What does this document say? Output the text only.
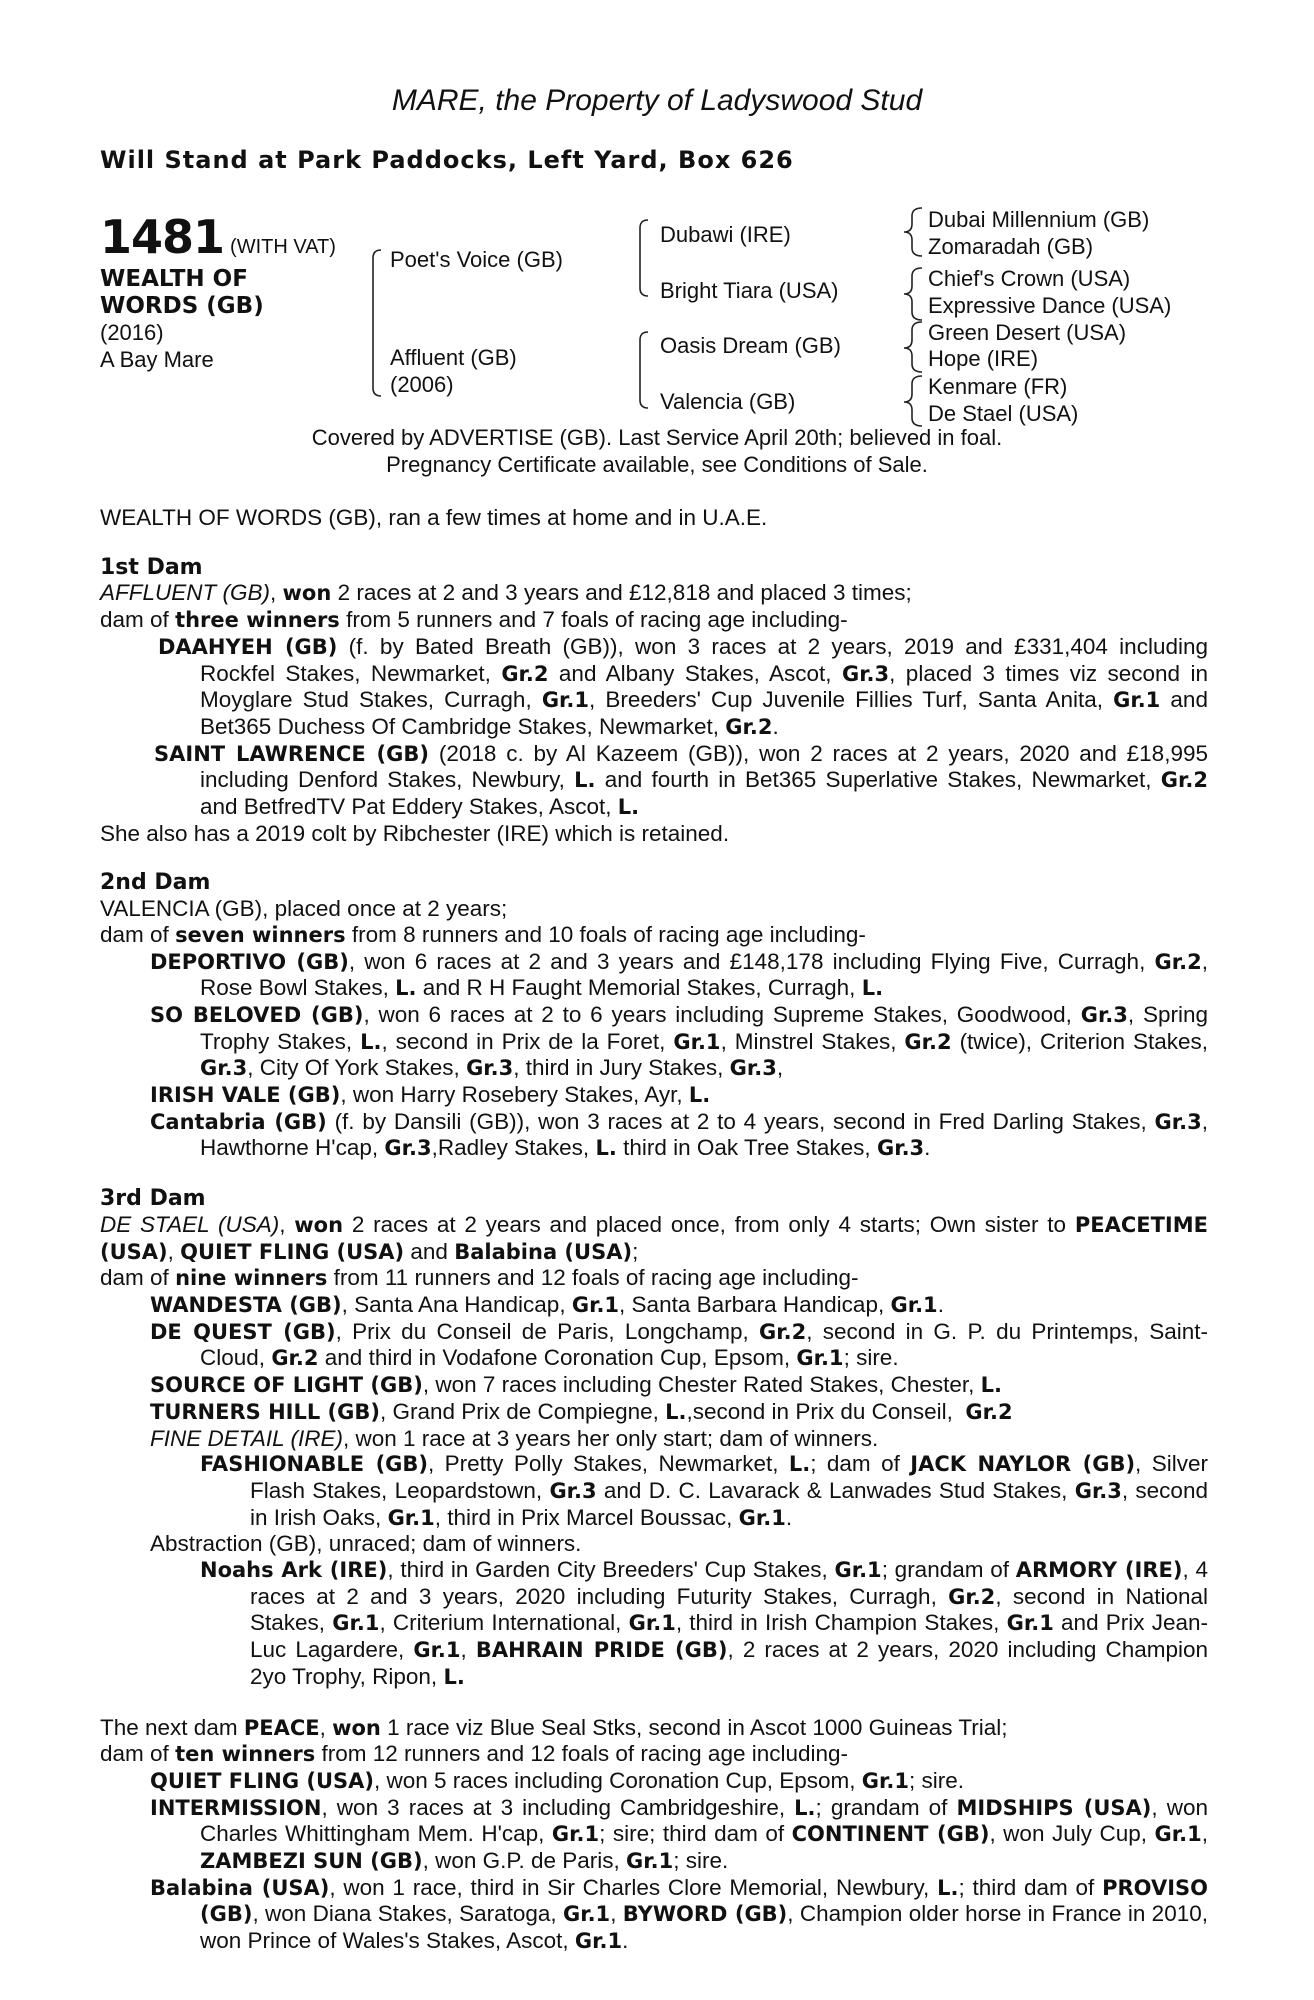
MARE, the Property of Ladyswood Stud
Will Stand at Park Paddocks, Left Yard, Box 626
1481 (WITH VAT)
WEALTH OF
WORDS (GB)
(2016)
A Bay Mare
Poet's Voice (GB)
Affluent (GB)
(2006)
Dubawi (IRE)
Bright Tiara (USA)
Oasis Dream (GB)
Valencia (GB)
Dubai Millennium (GB)
Zomaradah (GB)
Chief's Crown (USA)
Expressive Dance (USA)
Green Desert (USA)
Hope (IRE)
Kenmare (FR)
De Stael (USA)
Covered by ADVERTISE (GB). Last Service April 20th; believed in foal.
Pregnancy Certificate available, see Conditions of Sale.

WEALTH OF WORDS (GB), ran a few times at home and in U.A.E.

1st Dam

AFFLUENT (GB), won 2 races at 2 and 3 years and £12,818 and placed 3 times;

dam of three winners from 5 runners and 7 foals of racing age including-

DAAHYEH (GB) (f. by Bated Breath (GB)), won 3 races at 2 years, 2019 and £331,404 including Rockfel Stakes, Newmarket, Gr.2 and Albany Stakes, Ascot, Gr.3, placed 3 times viz second in Moyglare Stud Stakes, Curragh, Gr.1, Breeders' Cup Juvenile Fillies Turf, Santa Anita, Gr.1 and Bet365 Duchess Of Cambridge Stakes, Newmarket, Gr.2.

SAINT LAWRENCE (GB) (2018 c. by Al Kazeem (GB)), won 2 races at 2 years, 2020 and £18,995 including Denford Stakes, Newbury, L. and fourth in Bet365 Superlative Stakes, Newmarket, Gr.2 and BetfredTV Pat Eddery Stakes, Ascot, L.

She also has a 2019 colt by Ribchester (IRE) which is retained.

2nd Dam

VALENCIA (GB), placed once at 2 years;

dam of seven winners from 8 runners and 10 foals of racing age including-

DEPORTIVO (GB), won 6 races at 2 and 3 years and £148,178 including Flying Five, Curragh, Gr.2, Rose Bowl Stakes, L. and R H Faught Memorial Stakes, Curragh, L.

SO BELOVED (GB), won 6 races at 2 to 6 years including Supreme Stakes, Goodwood, Gr.3, Spring Trophy Stakes, L., second in Prix de la Foret, Gr.1, Minstrel Stakes, Gr.2 (twice), Criterion Stakes, Gr.3, City Of York Stakes, Gr.3, third in Jury Stakes, Gr.3,

IRISH VALE (GB), won Harry Rosebery Stakes, Ayr, L.

Cantabria (GB) (f. by Dansili (GB)), won 3 races at 2 to 4 years, second in Fred Darling Stakes, Gr.3, Hawthorne H'cap, Gr.3,Radley Stakes, L. third in Oak Tree Stakes, Gr.3.

3rd Dam

DE STAEL (USA), won 2 races at 2 years and placed once, from only 4 starts; Own sister to PEACETIME (USA), QUIET FLING (USA) and Balabina (USA);

dam of nine winners from 11 runners and 12 foals of racing age including-

WANDESTA (GB), Santa Ana Handicap, Gr.1, Santa Barbara Handicap, Gr.1.

DE QUEST (GB), Prix du Conseil de Paris, Longchamp, Gr.2, second in G. P. du Printemps, Saint-Cloud, Gr.2 and third in Vodafone Coronation Cup, Epsom, Gr.1; sire.

SOURCE OF LIGHT (GB), won 7 races including Chester Rated Stakes, Chester, L.

TURNERS HILL (GB), Grand Prix de Compiegne, L.,second in Prix du Conseil, Gr.2

FINE DETAIL (IRE), won 1 race at 3 years her only start; dam of winners.

FASHIONABLE (GB), Pretty Polly Stakes, Newmarket, L.; dam of JACK NAYLOR (GB), Silver Flash Stakes, Leopardstown, Gr.3 and D. C. Lavarack & Lanwades Stud Stakes, Gr.3, second in Irish Oaks, Gr.1, third in Prix Marcel Boussac, Gr.1.

Abstraction (GB), unraced; dam of winners.

Noahs Ark (IRE), third in Garden City Breeders' Cup Stakes, Gr.1; grandam of ARMORY (IRE), 4 races at 2 and 3 years, 2020 including Futurity Stakes, Curragh, Gr.2, second in National Stakes, Gr.1, Criterium International, Gr.1, third in Irish Champion Stakes, Gr.1 and Prix Jean-Luc Lagardere, Gr.1, BAHRAIN PRIDE (GB), 2 races at 2 years, 2020 including Champion 2yo Trophy, Ripon, L.

The next dam PEACE, won 1 race viz Blue Seal Stks, second in Ascot 1000 Guineas Trial;

dam of ten winners from 12 runners and 12 foals of racing age including-

QUIET FLING (USA), won 5 races including Coronation Cup, Epsom, Gr.1; sire.

INTERMISSION, won 3 races at 3 including Cambridgeshire, L.; grandam of MIDSHIPS (USA), won Charles Whittingham Mem. H'cap, Gr.1; sire; third dam of CONTINENT (GB), won July Cup, Gr.1, ZAMBEZI SUN (GB), won G.P. de Paris, Gr.1; sire.

Balabina (USA), won 1 race, third in Sir Charles Clore Memorial, Newbury, L.; third dam of PROVISO (GB), won Diana Stakes, Saratoga, Gr.1, BYWORD (GB), Champion older horse in France in 2010, won Prince of Wales's Stakes, Ascot, Gr.1.
